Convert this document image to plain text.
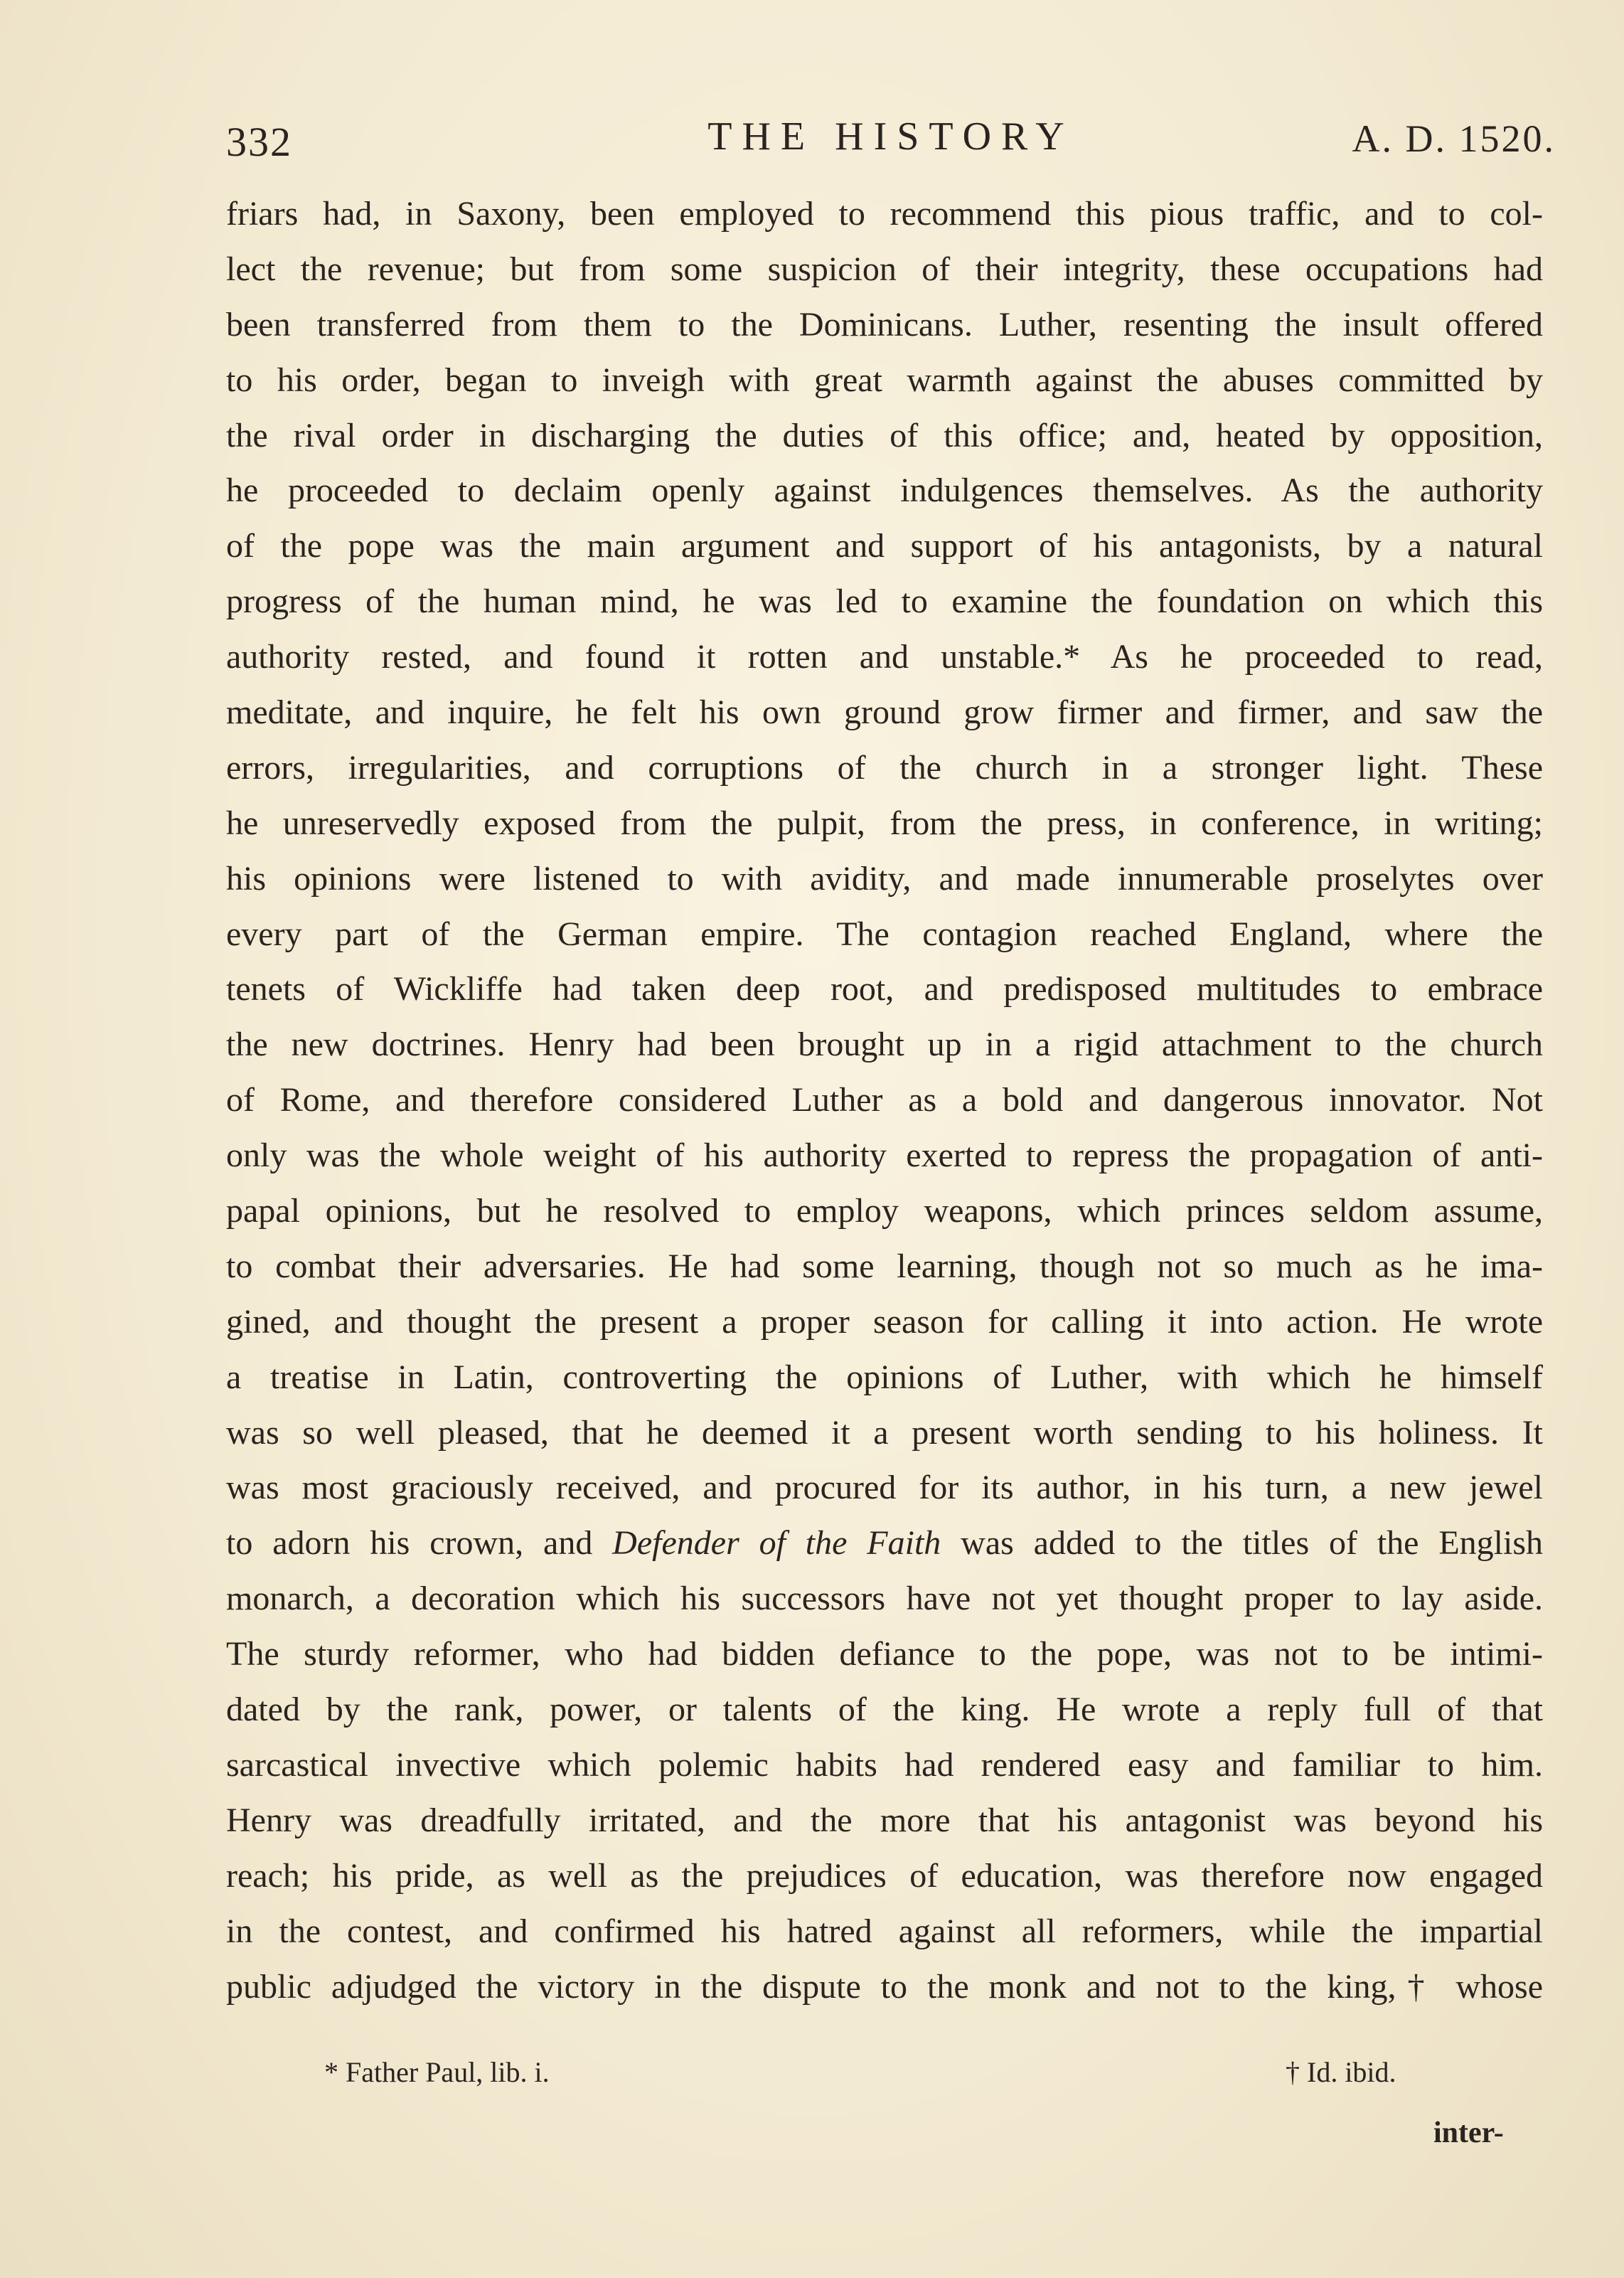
332	THE HISTORY	A. D. 1520.
friars had, in Saxony, been employed to recommend this pious traffic, and to col-
lect the revenue; but from some suspicion of their integrity, these occupations had
been transferred from them to the Dominicans. Luther, resenting the insult offered
to his order, began to inveigh with great warmth against the abuses committed by
the rival order in discharging the duties of this office; and, heated by opposition,
he proceeded to declaim openly against indulgences themselves. As the authority
of the pope was the main argument and support of his antagonists, by a natural
progress of the human mind, he was led to examine the foundation on which this
authority rested, and found it rotten and unstable.* As he proceeded to read,
meditate, and inquire, he felt his own ground grow firmer and firmer, and saw the
errors, irregularities, and corruptions of the church in a stronger light. These
he unreservedly exposed from the pulpit, from the press, in conference, in writing;
his opinions were listened to with avidity, and made innumerable proselytes over
every part of the German empire. The contagion reached England, where the
tenets of Wickliffe had taken deep root, and predisposed multitudes to embrace
the new doctrines. Henry had been brought up in a rigid attachment to the church
of Rome, and therefore considered Luther as a bold and dangerous innovator. Not
only was the whole weight of his authority exerted to repress the propagation of anti-
papal opinions, but he resolved to employ weapons, which princes seldom assume,
to combat their adversaries. He had some learning, though not so much as he ima-
gined, and thought the present a proper season for calling it into action. He wrote
a treatise in Latin, controverting the opinions of Luther, with which he himself
was so well pleased, that he deemed it a present worth sending to his holiness. It
was most graciously received, and procured for its author, in his turn, a new jewel
to adorn his crown, and Defender of the Faith was added to the titles of the English
monarch, a decoration which his successors have not yet thought proper to lay aside.
The sturdy reformer, who had bidden defiance to the pope, was not to be intimi-
dated by the rank, power, or talents of the king. He wrote a reply full of that
sarcastical invective which polemic habits had rendered easy and familiar to him.
Henry was dreadfully irritated, and the more that his antagonist was beyond his
reach; his pride, as well as the prejudices of education, was therefore now engaged
in the contest, and confirmed his hatred against all reformers, while the impartial
public adjudged the victory in the dispute to the monk and not to the king,† whose
* Father Paul, lib. i.	† Id. ibid.
inter-
